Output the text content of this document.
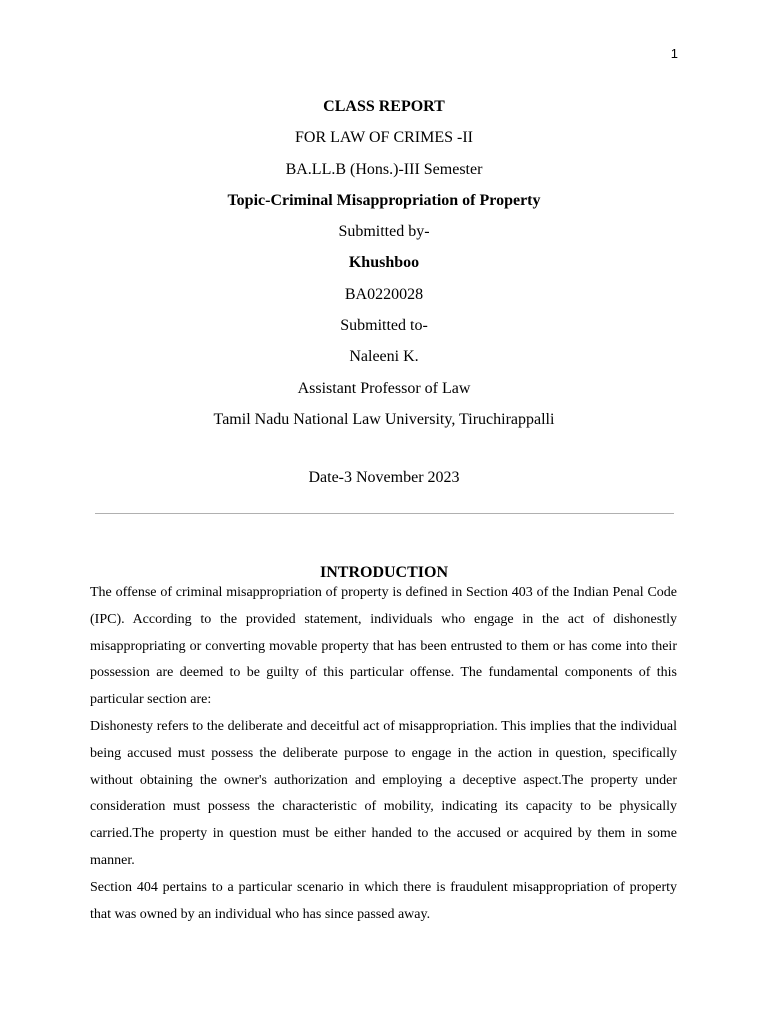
1
CLASS REPORT
FOR LAW OF CRIMES -II
BA.LL.B (Hons.)-III Semester
Topic-Criminal Misappropriation of Property
Submitted by-
Khushboo
BA0220028
Submitted to-
Naleeni K.
Assistant Professor of Law
Tamil Nadu National Law University, Tiruchirappalli
Date-3 November 2023
INTRODUCTION

The offense of criminal misappropriation of property is defined in Section 403 of the Indian Penal Code (IPC). According to the provided statement, individuals who engage in the act of dishonestly misappropriating or converting movable property that has been entrusted to them or has come into their possession are deemed to be guilty of this particular offense. The fundamental components of this particular section are:

Dishonesty refers to the deliberate and deceitful act of misappropriation. This implies that the individual being accused must possess the deliberate purpose to engage in the action in question, specifically without obtaining the owner's authorization and employing a deceptive aspect.The property under consideration must possess the characteristic of mobility, indicating its capacity to be physically carried.The property in question must be either handed to the accused or acquired by them in some manner.

Section 404 pertains to a particular scenario in which there is fraudulent misappropriation of property that was owned by an individual who has since passed away.
